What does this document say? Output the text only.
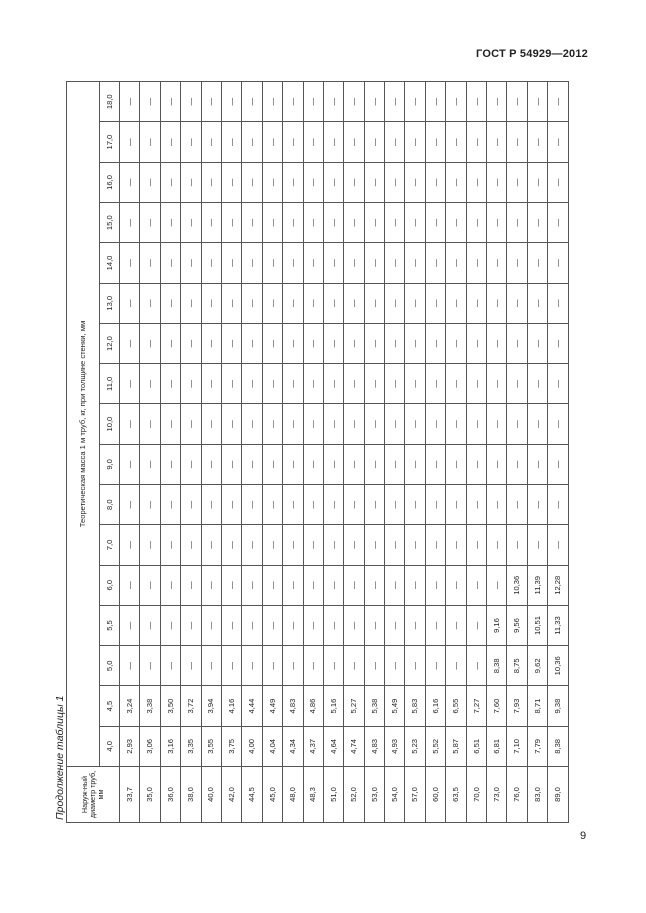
ГОСТ Р 54929—2012
Продолжение таблицы 1 Наруж-ный диаметр труб, мм	Теоретическая масса 1 м труб, кг, при толщине стенки, мм																
	4,0	4,5	5,0	5,5	6,0	7,0	8,0	9,0	10,0	11,0	12,0	13,0	14,0	15,0	16,0	17,0	18,0
33,7	2,93	3,24	—	—	—	—	—	—	—	—	—	—	—	—	—	—	—
35,0	3,06	3,38	—	—	—	—	—	—	—	—	—	—	—	—	—	—	—
36,0	3,16	3,50	—	—	—	—	—	—	—	—	—	—	—	—	—	—	—
38,0	3,35	3,72	—	—	—	—	—	—	—	—	—	—	—	—	—	—	—
40,0	3,55	3,94	—	—	—	—	—	—	—	—	—	—	—	—	—	—	—
42,0	3,75	4,16	—	—	—	—	—	—	—	—	—	—	—	—	—	—	—
44,5	4,00	4,44	—	—	—	—	—	—	—	—	—	—	—	—	—	—	—
45,0	4,04	4,49	—	—	—	—	—	—	—	—	—	—	—	—	—	—	—
48,0	4,34	4,83	—	—	—	—	—	—	—	—	—	—	—	—	—	—	—
48,3	4,37	4,86	—	—	—	—	—	—	—	—	—	—	—	—	—	—	—
51,0	4,64	5,16	—	—	—	—	—	—	—	—	—	—	—	—	—	—	—
52,0	4,74	5,27	—	—	—	—	—	—	—	—	—	—	—	—	—	—	—
53,0	4,83	5,38	—	—	—	—	—	—	—	—	—	—	—	—	—	—	—
54,0	4,93	5,49	—	—	—	—	—	—	—	—	—	—	—	—	—	—	—
57,0	5,23	5,83	—	—	—	—	—	—	—	—	—	—	—	—	—	—	—
60,0	5,52	6,16	—	—	—	—	—	—	—	—	—	—	—	—	—	—	—
63,5	5,87	6,55	—	—	—	—	—	—	—	—	—	—	—	—	—	—	—
70,0	6,51	7,27	—	—	—	—	—	—	—	—	—	—	—	—	—	—	—
73,0	6,81	7,60	8,38	9,16	—	—	—	—	—	—	—	—	—	—	—	—	—
76,0	7,10	7,93	8,75	9,56	10,36	—	—	—	—	—	—	—	—	—	—	—	—
83,0	7,79	8,71	9,62	10,51	11,39	—	—	—	—	—	—	—	—	—	—	—	—
89,0	8,38	9,38	10,36	11,33	12,28	—	—	—	—	—	—	—	—	—	—	—	—
9
